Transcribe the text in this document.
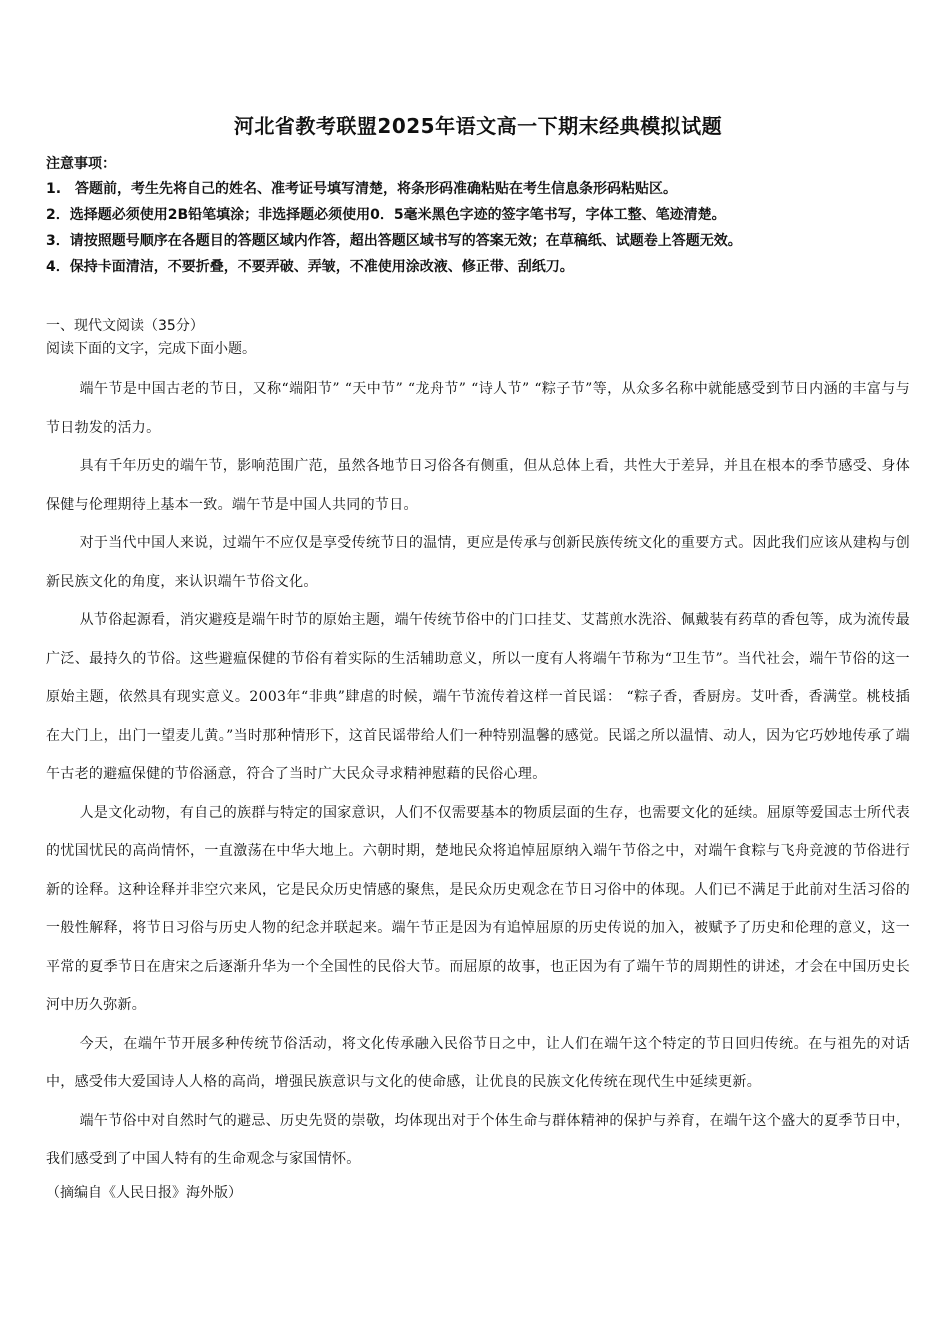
河北省教考联盟2025年语文高一下期末经典模拟试题

注意事项：

1.　答题前，考生先将自己的姓名、准考证号填写清楚，将条形码准确粘贴在考生信息条形码粘贴区。
2．选择题必须使用2B铅笔填涂；非选择题必须使用0．5毫米黑色字迹的签字笔书写，字体工整、笔迹清楚。
3．请按照题号顺序在各题目的答题区域内作答，超出答题区域书写的答案无效；在草稿纸、试题卷上答题无效。
4．保持卡面清洁，不要折叠，不要弄破、弄皱，不准使用涂改液、修正带、刮纸刀。

一、现代文阅读（35分）

阅读下面的文字，完成下面小题。

端午节是中国古老的节日，又称“端阳节” “天中节” “龙舟节” “诗人节” “粽子节”等，从众多名称中就能感受到节日内涵的丰富与与节日勃发的活力。

具有千年历史的端午节，影响范围广范，虽然各地节日习俗各有侧重，但从总体上看，共性大于差异，并且在根本的季节感受、身体保健与伦理期待上基本一致。端午节是中国人共同的节日。

对于当代中国人来说，过端午不应仅是享受传统节日的温情，更应是传承与创新民族传统文化的重要方式。因此我们应该从建构与创新民族文化的角度，来认识端午节俗文化。

从节俗起源看，消灾避疫是端午时节的原始主题，端午传统节俗中的门口挂艾、艾蒿煎水洗浴、佩戴装有药草的香包等，成为流传最广泛、最持久的节俗。这些避瘟保健的节俗有着实际的生活辅助意义，所以一度有人将端午节称为“卫生节”。当代社会，端午节俗的这一原始主题，依然具有现实意义。2003年“非典”肆虐的时候，端午节流传着这样一首民谣： “粽子香，香厨房。艾叶香，香满堂。桃枝插在大门上，出门一望麦儿黄。”当时那种情形下，这首民谣带给人们一种特别温馨的感觉。民谣之所以温情、动人，因为它巧妙地传承了端午古老的避瘟保健的节俗涵意，符合了当时广大民众寻求精神慰藉的民俗心理。

人是文化动物，有自己的族群与特定的国家意识，人们不仅需要基本的物质层面的生存，也需要文化的延续。屈原等爱国志士所代表的忧国忧民的高尚情怀，一直激荡在中华大地上。六朝时期，楚地民众将追悼屈原纳入端午节俗之中，对端午食粽与飞舟竞渡的节俗进行新的诠释。这种诠释并非空穴来风，它是民众历史情感的聚焦，是民众历史观念在节日习俗中的体现。人们已不满足于此前对生活习俗的一般性解释，将节日习俗与历史人物的纪念并联起来。端午节正是因为有追悼屈原的历史传说的加入，被赋予了历史和伦理的意义，这一平常的夏季节日在唐宋之后逐渐升华为一个全国性的民俗大节。而屈原的故事，也正因为有了端午节的周期性的讲述，才会在中国历史长河中历久弥新。

今天，在端午节开展多种传统节俗活动，将文化传承融入民俗节日之中，让人们在端午这个特定的节日回归传统。在与祖先的对话中，感受伟大爱国诗人人格的高尚，增强民族意识与文化的使命感，让优良的民族文化传统在现代生中延续更新。

端午节俗中对自然时气的避忌、历史先贤的崇敬，均体现出对于个体生命与群体精神的保护与养育，在端午这个盛大的夏季节日中，我们感受到了中国人特有的生命观念与家国情怀。

（摘编自《人民日报》海外版）
